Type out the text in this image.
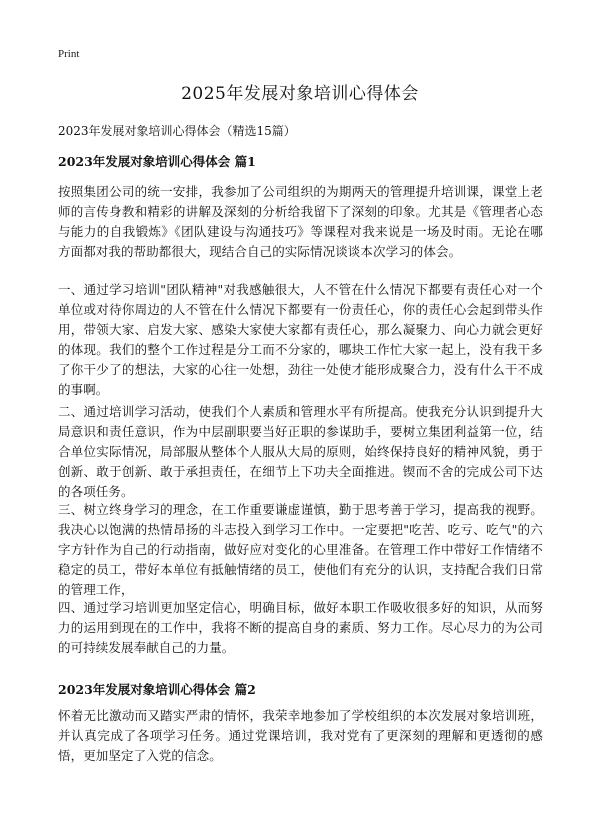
Print
2025年发展对象培训心得体会

2023年发展对象培训心得体会（精选15篇）

2023年发展对象培训心得体会 篇1

按照集团公司的统一安排，我参加了公司组织的为期两天的管理提升培训课，课堂上老师的言传身教和精彩的讲解及深刻的分析给我留下了深刻的印象。尤其是《管理者心态与能力的自我锻炼》《团队建设与沟通技巧》等课程对我来说是一场及时雨。无论在哪方面都对我的帮助都很大，现结合自己的实际情况谈谈本次学习的体会。

一、通过学习培训"团队精神"对我感触很大，人不管在什么情况下都要有责任心对一个单位或对待你周边的人不管在什么情况下都要有一份责任心，你的责任心会起到带头作用，带领大家、启发大家、感染大家使大家都有责任心，那么凝聚力、向心力就会更好的体现。我们的整个工作过程是分工而不分家的，哪块工作忙大家一起上，没有我干多了你干少了的想法，大家的心往一处想，劲往一处使才能形成聚合力，没有什么干不成的事啊。

二、通过培训学习活动，使我们个人素质和管理水平有所提高。使我充分认识到提升大局意识和责任意识，作为中层副职要当好正职的参谋助手，要树立集团利益第一位，结合单位实际情况，局部服从整体个人服从大局的原则，始终保持良好的精神风貌，勇于创新、敢于创新、敢于承担责任，在细节上下功夫全面推进。锲而不舍的完成公司下达的各项任务。

三、树立终身学习的理念，在工作重要谦虚谨慎，勤于思考善于学习，提高我的视野。我决心以饱满的热情昂扬的斗志投入到学习工作中。一定要把"吃苦、吃亏、吃气"的六字方针作为自己的行动指南，做好应对变化的心里准备。在管理工作中带好工作情绪不稳定的员工，带好本单位有抵触情绪的员工，使他们有充分的认识，支持配合我们日常的管理工作，

四、通过学习培训更加坚定信心，明确目标，做好本职工作吸收很多好的知识，从而努力的运用到现在的工作中，我将不断的提高自身的素质、努力工作。尽心尽力的为公司的可持续发展奉献自己的力量。

2023年发展对象培训心得体会 篇2

怀着无比激动而又踏实严肃的情怀，我荣幸地参加了学校组织的本次发展对象培训班，并认真完成了各项学习任务。通过党课培训，我对党有了更深刻的理解和更透彻的感悟，更加坚定了入党的信念。
